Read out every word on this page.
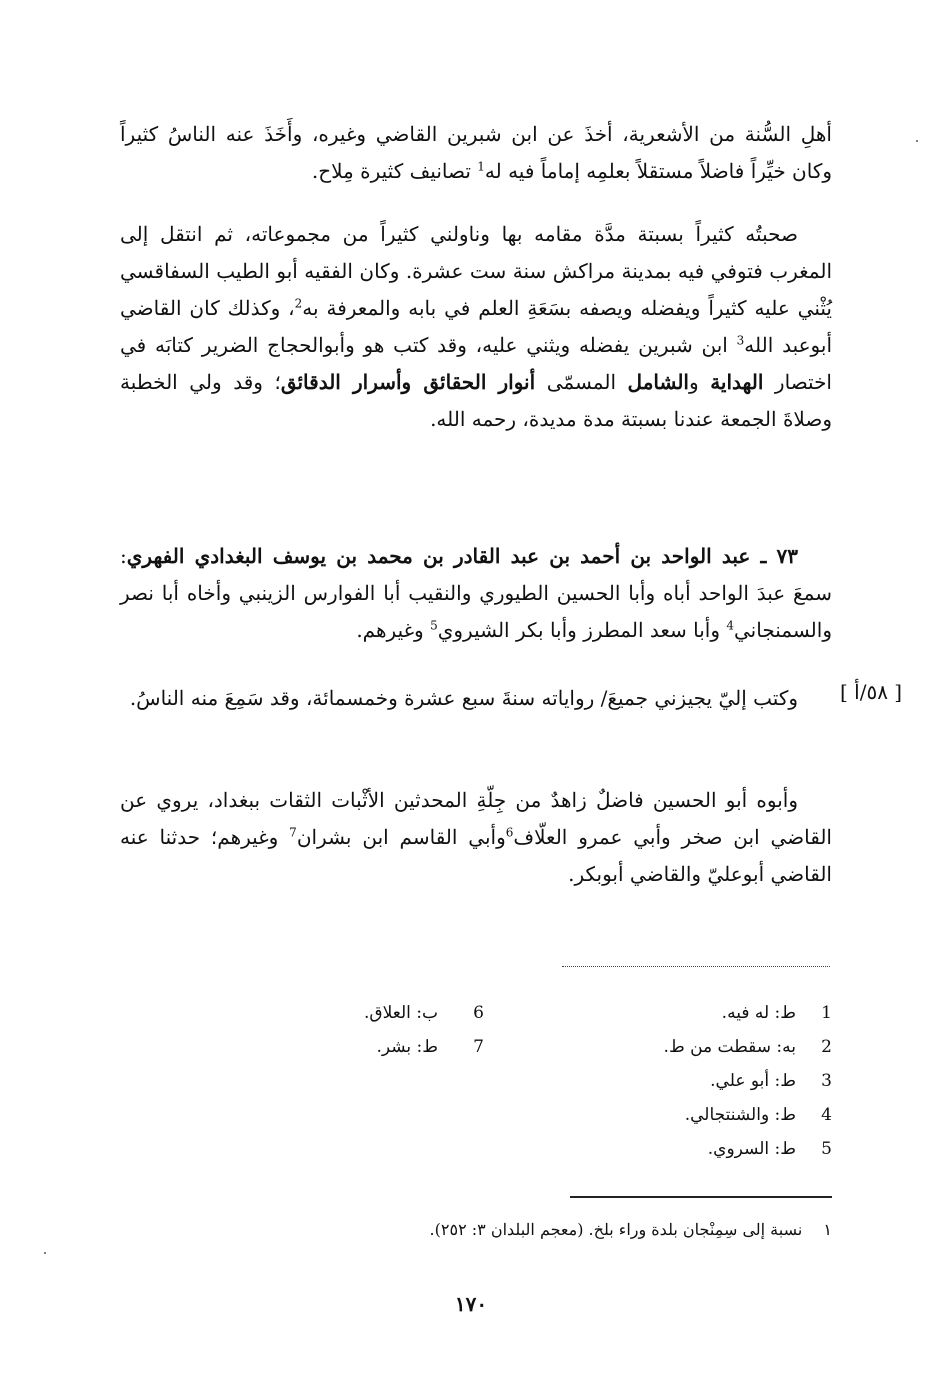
أهلِ السُّنة من الأشعرية، أخذَ عن ابن شبرين القاضي وغيره، وأَخَذَ عنه الناسُ كثيراً وكان خيِّراً فاضلاً مستقلاً بعلمِه إماماً فيه له$^1$ تصانيف كثيرة مِلاح.

صحبتُه كثيراً بسبتة مدَّة مقامه بها وناولني كثيراً من مجموعاته، ثم انتقل إلى المغرب فتوفي فيه بمدينة مراكش سنة ست عشرة. وكان الفقيه أبو الطيب السفاقسي يُثْني عليه كثيراً ويفضله ويصفه بسَعَةِ العلم في بابه والمعرفة به$^2$، وكذلك كان القاضي أبوعبد الله$^3$ ابن شبرين يفضله ويثني عليه، وقد كتب هو وأبوالحجاج الضرير كتابَه في اختصار الهداية والشامل المسمّى أنوار الحقائق وأسرار الدقائق؛ وقد ولي الخطبة وصلاةَ الجمعة عندنا بسبتة مدة مديدة، رحمه الله.

٧٣ ـ عبد الواحد بن أحمد بن عبد القادر بن محمد بن يوسف البغدادي الفهري: سمعَ عبدَ الواحد أباه وأبا الحسين الطيوري والنقيب أبا الفوارس الزينبي وأخاه أبا نصر والسمنجاني$^4$ وأبا سعد المطرز وأبا بكر الشيروي$^5$ وغيرهم.

[ ٥٨/أ ]

وكتب إليّ يجيزني جميعَ/ رواياته سنةَ سبع عشرة وخمسمائة، وقد سَمِعَ منه الناسُ.

وأبوه أبو الحسين فاضلٌ زاهدٌ من جِلّةِ المحدثين الأثْبات الثقات ببغداد، يروي عن القاضي ابن صخر وأبي عمرو العلّاف$^6$وأبي القاسم ابن بشران$^7$ وغيرهم؛ حدثنا عنه القاضي أبوعليّ والقاضي أبوبكر.

1
ط: له فيه.
2
به: سقطت من ط.
3
ط: أبو علي.
4
ط: والشنتجالي.
5
ط: السروي.
6
ب: العلاق.
7
ط: بشر.
١ نسبة إلى سِمِنْجان بلدة وراء بلخ. (معجم البلدان ٣: ٢٥٢).
١٧٠
